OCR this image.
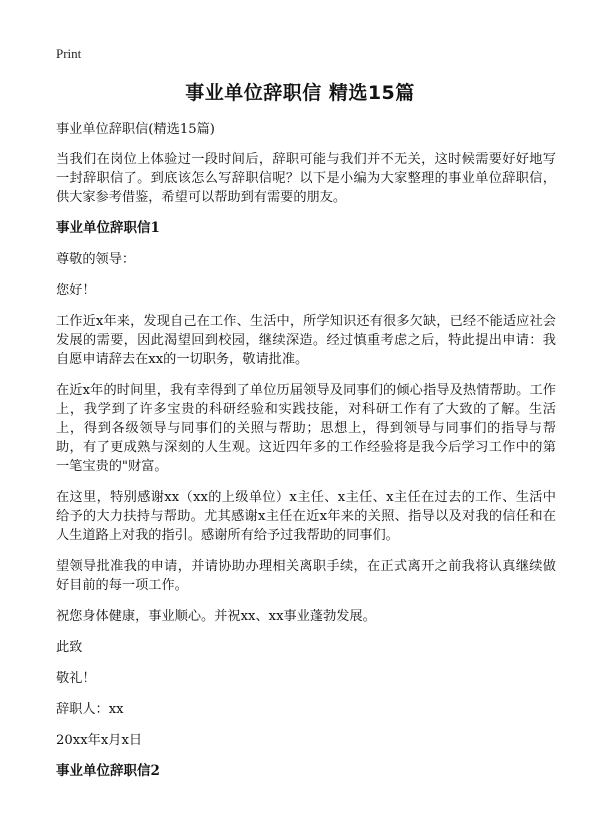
Print
事业单位辞职信 精选15篇

事业单位辞职信(精选15篇)

当我们在岗位上体验过一段时间后，辞职可能与我们并不无关，这时候需要好好地写一封辞职信了。到底该怎么写辞职信呢？以下是小编为大家整理的事业单位辞职信，供大家参考借鉴，希望可以帮助到有需要的朋友。

事业单位辞职信1

尊敬的领导：

您好！

工作近x年来，发现自己在工作、生活中，所学知识还有很多欠缺，已经不能适应社会发展的需要，因此渴望回到校园，继续深造。经过慎重考虑之后，特此提出申请：我自愿申请辞去在xx的一切职务，敬请批准。

在近x年的时间里，我有幸得到了单位历届领导及同事们的倾心指导及热情帮助。工作上，我学到了许多宝贵的科研经验和实践技能，对科研工作有了大致的了解。生活上，得到各级领导与同事们的关照与帮助；思想上，得到领导与同事们的指导与帮助，有了更成熟与深刻的人生观。这近四年多的工作经验将是我今后学习工作中的第一笔宝贵的"财富。

在这里，特别感谢xx（xx的上级单位）x主任、x主任、x主任在过去的工作、生活中给予的大力扶持与帮助。尤其感谢x主任在近x年来的关照、指导以及对我的信任和在人生道路上对我的指引。感谢所有给予过我帮助的同事们。

望领导批准我的申请，并请协助办理相关离职手续，在正式离开之前我将认真继续做好目前的每一项工作。

祝您身体健康，事业顺心。并祝xx、xx事业蓬勃发展。

此致

敬礼！

辞职人：xx

20xx年x月x日

事业单位辞职信2
